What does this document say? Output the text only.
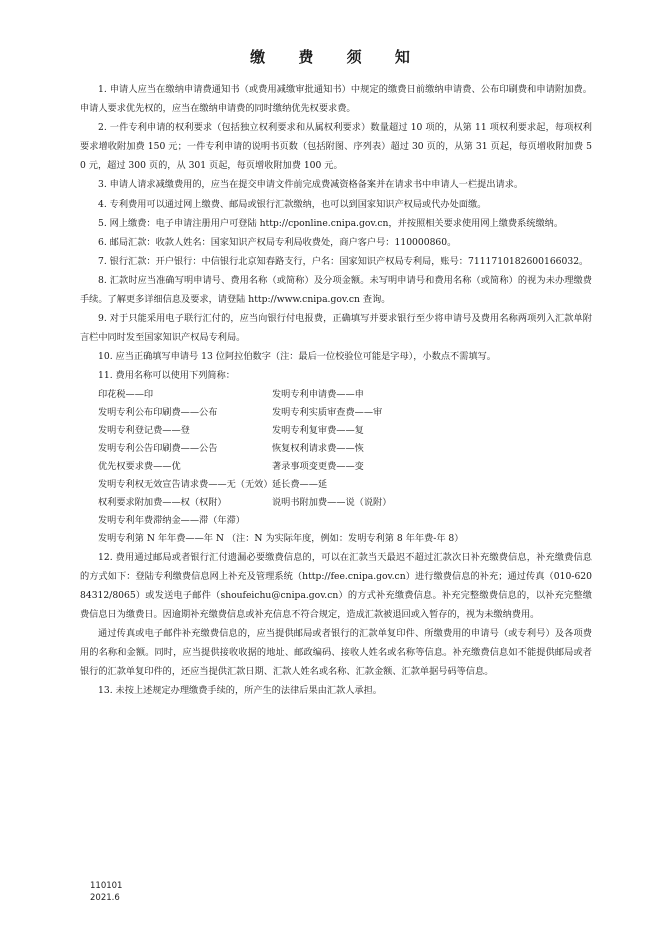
缴 费 须 知

1. 申请人应当在缴纳申请费通知书（或费用减缴审批通知书）中规定的缴费日前缴纳申请费、公布印刷费和申请附加费。申请人要求优先权的，应当在缴纳申请费的同时缴纳优先权要求费。

2. 一件专利申请的权利要求（包括独立权利要求和从属权利要求）数量超过 10 项的，从第 11 项权利要求起，每项权利要求增收附加费 150 元；一件专利申请的说明书页数（包括附图、序列表）超过 30 页的，从第 31 页起，每页增收附加费 50 元，超过 300 页的，从 301 页起，每页增收附加费 100 元。

3. 申请人请求减缴费用的，应当在提交申请文件前完成费减资格备案并在请求书中申请人一栏提出请求。

4. 专利费用可以通过网上缴费、邮局或银行汇款缴纳，也可以到国家知识产权局或代办处面缴。

5. 网上缴费：电子申请注册用户可登陆 http://cponline.cnipa.gov.cn，并按照相关要求使用网上缴费系统缴纳。

6. 邮局汇款：收款人姓名：国家知识产权局专利局收费处，商户客户号：110000860。

7. 银行汇款：开户银行：中信银行北京知春路支行，户名：国家知识产权局专利局，账号：7111710182600166032。

8. 汇款时应当准确写明申请号、费用名称（或简称）及分项金额。未写明申请号和费用名称（或简称）的视为未办理缴费手续。了解更多详细信息及要求，请登陆 http://www.cnipa.gov.cn 查询。

9. 对于只能采用电子联行汇付的，应当向银行付电报费，正确填写并要求银行至少将申请号及费用名称两项列入汇款单附言栏中同时发至国家知识产权局专利局。

10. 应当正确填写申请号 13 位阿拉伯数字（注：最后一位校验位可能是字母），小数点不需填写。

11. 费用名称可以使用下列简称：

印花税——印	发明专利申请费——申
发明专利公布印刷费——公布	发明专利实质审查费——审
发明专利登记费——登	发明专利复审费——复
发明专利公告印刷费——公告	恢复权利请求费——恢
优先权要求费——优	著录事项变更费——变
发明专利权无效宣告请求费——无（无效） 延长费——延
权利要求附加费——权（权附）	说明书附加费——说（说附）
发明专利年费滞纳金——滞（年滞）
发明专利第 N 年年费——年 N （注：N 为实际年度，例如：发明专利第 8 年年费-年 8）

12. 费用通过邮局或者银行汇付遗漏必要缴费信息的，可以在汇款当天最迟不超过汇款次日补充缴费信息，补充缴费信息的方式如下：登陆专利缴费信息网上补充及管理系统（http://fee.cnipa.gov.cn）进行缴费信息的补充；通过传真（010-62084312/8065）或发送电子邮件（shoufeichu@cnipa.gov.cn）的方式补充缴费信息。补充完整缴费信息的，以补充完整缴费信息日为缴费日。因逾期补充缴费信息或补充信息不符合规定，造成汇款被退回或入暂存的，视为未缴纳费用。

通过传真或电子邮件补充缴费信息的，应当提供邮局或者银行的汇款单复印件、所缴费用的申请号（或专利号）及各项费用的名称和金额。同时，应当提供接收收据的地址、邮政编码、接收人姓名或名称等信息。补充缴费信息如不能提供邮局或者银行的汇款单复印件的，还应当提供汇款日期、汇款人姓名或名称、汇款金额、汇款单据号码等信息。

13. 未按上述规定办理缴费手续的，所产生的法律后果由汇款人承担。

110101
2021.6
